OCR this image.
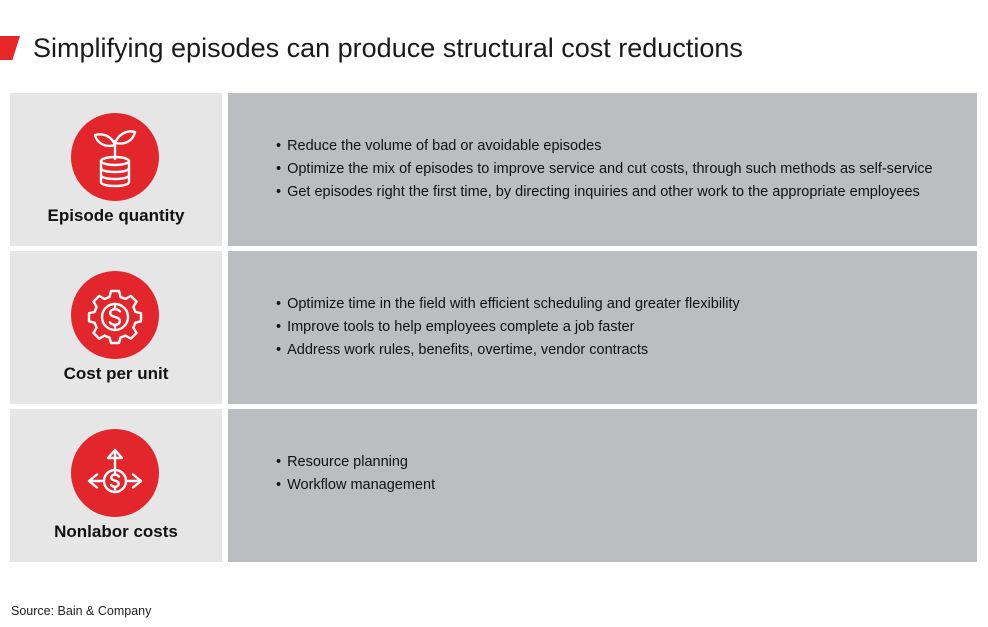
Simplifying episodes can produce structural cost reductions
Episode quantity
• Reduce the volume of bad or avoidable episodes
• Optimize the mix of episodes to improve service and cut costs, through such methods as self-service
• Get episodes right the first time, by directing inquiries and other work to the appropriate employees
Cost per unit
• Optimize time in the field with efficient scheduling and greater flexibility
• Improve tools to help employees complete a job faster
• Address work rules, benefits, overtime, vendor contracts
Nonlabor costs
• Resource planning
• Workflow management
Source: Bain & Company
